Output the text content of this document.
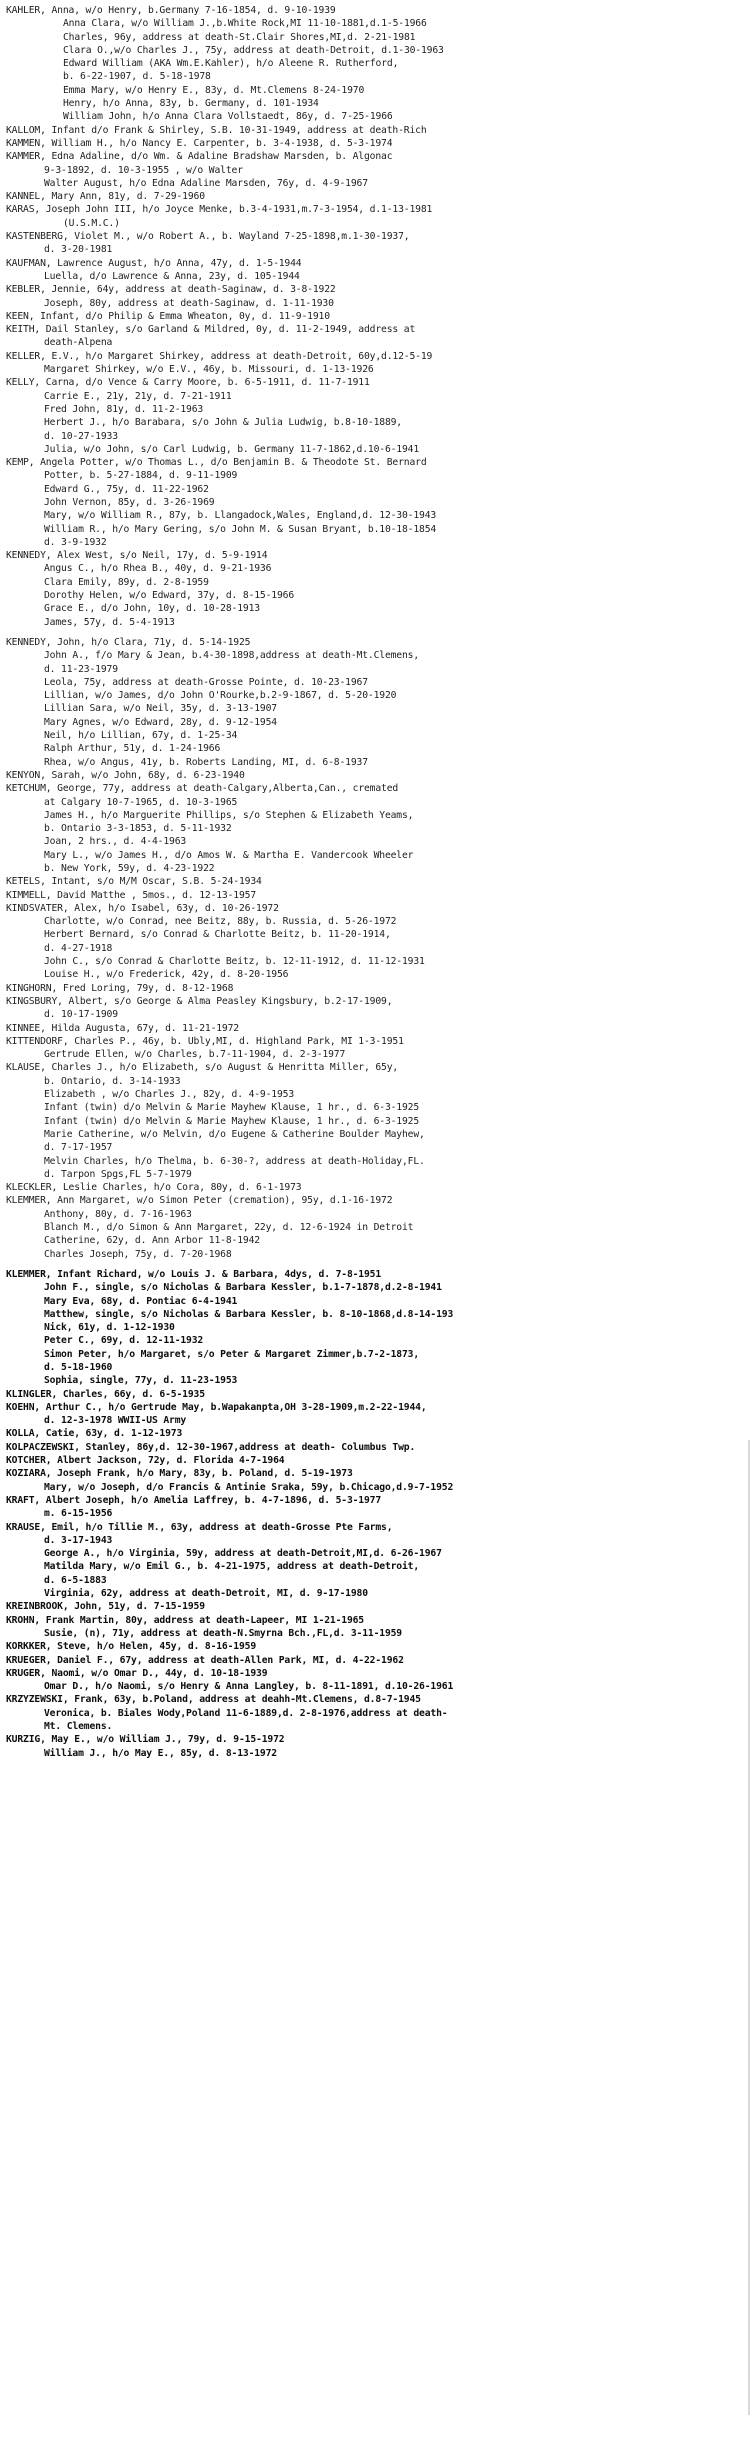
KAHLER, Anna, w/o Henry, b.Germany 7-16-1854, d. 9-10-1939
Anna Clara, w/o William J.,b.White Rock,MI 11-10-1881,d.1-5-1966
Charles, 96y, address at death-St.Clair Shores,MI,d. 2-21-1981
Clara O.,w/o Charles J., 75y, address at death-Detroit, d.1-30-1963
Edward William (AKA Wm.E.Kahler), h/o Aleene R. Rutherford,
b. 6-22-1907, d. 5-18-1978
Emma Mary, w/o Henry E., 83y, d. Mt.Clemens 8-24-1970
Henry, h/o Anna, 83y, b. Germany, d. 101-1934
William John, h/o Anna Clara Vollstaedt, 86y, d. 7-25-1966
KALLOM, Infant d/o Frank & Shirley, S.B. 10-31-1949, address at death-Rich
KAMMEN, William H., h/o Nancy E. Carpenter, b. 3-4-1938, d. 5-3-1974
KAMMER, Edna Adaline, d/o Wm. & Adaline Bradshaw Marsden, b. Algonac
9-3-1892, d. 10-3-1955 , w/o Walter
Walter August, h/o Edna Adaline Marsden, 76y, d. 4-9-1967
KANNEL, Mary Ann, 81y, d. 7-29-1960
KARAS, Joseph John III, h/o Joyce Menke, b.3-4-1931,m.7-3-1954, d.1-13-1981
(U.S.M.C.)
KASTENBERG, Violet M., w/o Robert A., b. Wayland 7-25-1898,m.1-30-1937,
d. 3-20-1981
KAUFMAN, Lawrence August, h/o Anna, 47y, d. 1-5-1944
Luella, d/o Lawrence & Anna, 23y, d. 105-1944
KEBLER, Jennie, 64y, address at death-Saginaw, d. 3-8-1922
Joseph, 80y, address at death-Saginaw, d. 1-11-1930
KEEN, Infant, d/o Philip & Emma Wheaton, 0y, d. 11-9-1910
KEITH, Dail Stanley, s/o Garland & Mildred, 0y, d. 11-2-1949, address at
death-Alpena
KELLER, E.V., h/o Margaret Shirkey, address at death-Detroit, 60y,d.12-5-19
Margaret Shirkey, w/o E.V., 46y, b. Missouri, d. 1-13-1926
KELLY, Carna, d/o Vence & Carry Moore, b. 6-5-1911, d. 11-7-1911
Carrie E., 21y, 21y, d. 7-21-1911
Fred John, 81y, d. 11-2-1963
Herbert J., h/o Barabara, s/o John & Julia Ludwig, b.8-10-1889,
d. 10-27-1933
Julia, w/o John, s/o Carl Ludwig, b. Germany 11-7-1862,d.10-6-1941
KEMP, Angela Potter, w/o Thomas L., d/o Benjamin B. & Theodote St. Bernard
Potter, b. 5-27-1884, d. 9-11-1909
Edward G., 75y, d. 11-22-1962
John Vernon, 85y, d. 3-26-1969
Mary, w/o William R., 87y, b. Llangadock,Wales, England,d. 12-30-1943
William R., h/o Mary Gering, s/o John M. & Susan Bryant, b.10-18-1854
d. 3-9-1932
KENNEDY, Alex West, s/o Neil, 17y, d. 5-9-1914
Angus C., h/o Rhea B., 40y, d. 9-21-1936
Clara Emily, 89y, d. 2-8-1959
Dorothy Helen, w/o Edward, 37y, d. 8-15-1966
Grace E., d/o John, 10y, d. 10-28-1913
James, 57y, d. 5-4-1913
KENNEDY, John, h/o Clara, 71y, d. 5-14-1925
John A., f/o Mary & Jean, b.4-30-1898,address at death-Mt.Clemens,
d. 11-23-1979
Leola, 75y, address at death-Grosse Pointe, d. 10-23-1967
Lillian, w/o James, d/o John O'Rourke,b.2-9-1867, d. 5-20-1920
Lillian Sara, w/o Neil, 35y, d. 3-13-1907
Mary Agnes, w/o Edward, 28y, d. 9-12-1954
Neil, h/o Lillian, 67y, d. 1-25-34
Ralph Arthur, 51y, d. 1-24-1966
Rhea, w/o Angus, 41y, b. Roberts Landing, MI, d. 6-8-1937
KENYON, Sarah, w/o John, 68y, d. 6-23-1940
KETCHUM, George, 77y, address at death-Calgary,Alberta,Can., cremated
at Calgary 10-7-1965, d. 10-3-1965
James H., h/o Marguerite Phillips, s/o Stephen & Elizabeth Yeams,
b. Ontario 3-3-1853, d. 5-11-1932
Joan, 2 hrs., d. 4-4-1963
Mary L., w/o James H., d/o Amos W. & Martha E. Vandercook Wheeler
b. New York, 59y, d. 4-23-1922
KETELS, Intant, s/o M/M Oscar, S.B. 5-24-1934
KIMMELL, David Matthe , 5mos., d. 12-13-1957
KINDSVATER, Alex, h/o Isabel, 63y, d. 10-26-1972
Charlotte, w/o Conrad, nee Beitz, 88y, b. Russia, d. 5-26-1972
Herbert Bernard, s/o Conrad & Charlotte Beitz, b. 11-20-1914,
d. 4-27-1918
John C., s/o Conrad & Charlotte Beitz, b. 12-11-1912, d. 11-12-1931
Louise H., w/o Frederick, 42y, d. 8-20-1956
KINGHORN, Fred Loring, 79y, d. 8-12-1968
KINGSBURY, Albert, s/o George & Alma Peasley Kingsbury, b.2-17-1909,
d. 10-17-1909
KINNEE, Hilda Augusta, 67y, d. 11-21-1972
KITTENDORF, Charles P., 46y, b. Ubly,MI, d. Highland Park, MI 1-3-1951
Gertrude Ellen, w/o Charles, b.7-11-1904, d. 2-3-1977
KLAUSE, Charles J., h/o Elizabeth, s/o August & Henritta Miller, 65y,
b. Ontario, d. 3-14-1933
Elizabeth , w/o Charles J., 82y, d. 4-9-1953
Infant (twin) d/o Melvin & Marie Mayhew Klause, 1 hr., d. 6-3-1925
Infant (twin) d/o Melvin & Marie Mayhew Klause, 1 hr., d. 6-3-1925
Marie Catherine, w/o Melvin, d/o Eugene & Catherine Boulder Mayhew,
d. 7-17-1957
Melvin Charles, h/o Thelma, b. 6-30-?, address at death-Holiday,FL.
d. Tarpon Spgs,FL 5-7-1979
KLECKLER, Leslie Charles, h/o Cora, 80y, d. 6-1-1973
KLEMMER, Ann Margaret, w/o Simon Peter (cremation), 95y, d.1-16-1972
Anthony, 80y, d. 7-16-1963
Blanch M., d/o Simon & Ann Margaret, 22y, d. 12-6-1924 in Detroit
Catherine, 62y, d. Ann Arbor 11-8-1942
Charles Joseph, 75y, d. 7-20-1968
KLEMMER, Infant Richard, w/o Louis J. & Barbara, 4dys, d. 7-8-1951
John F., single, s/o Nicholas & Barbara Kessler, b.1-7-1878,d.2-8-1941
Mary Eva, 68y, d. Pontiac 6-4-1941
Matthew, single, s/o Nicholas & Barbara Kessler, b. 8-10-1868,d.8-14-193
Nick, 61y, d. 1-12-1930
Peter C., 69y, d. 12-11-1932
Simon Peter, h/o Margaret, s/o Peter & Margaret Zimmer,b.7-2-1873,
d. 5-18-1960
Sophia, single, 77y, d. 11-23-1953
KLINGLER, Charles, 66y, d. 6-5-1935
KOEHN, Arthur C., h/o Gertrude May, b.Wapakanpta,OH 3-28-1909,m.2-22-1944,
d. 12-3-1978 WWII-US Army
KOLLA, Catie, 63y, d. 1-12-1973
KOLPACZEWSKI, Stanley, 86y,d. 12-30-1967,address at death- Columbus Twp.
KOTCHER, Albert Jackson, 72y, d. Florida 4-7-1964
KOZIARA, Joseph Frank, h/o Mary, 83y, b. Poland, d. 5-19-1973
Mary, w/o Joseph, d/o Francis & Antinie Sraka, 59y, b.Chicago,d.9-7-1952
KRAFT, Albert Joseph, h/o Amelia Laffrey, b. 4-7-1896, d. 5-3-1977
m. 6-15-1956
KRAUSE, Emil, h/o Tillie M., 63y, address at death-Grosse Pte Farms,
d. 3-17-1943
George A., h/o Virginia, 59y, address at death-Detroit,MI,d. 6-26-1967
Matilda Mary, w/o Emil G., b. 4-21-1975, address at death-Detroit,
d. 6-5-1883
Virginia, 62y, address at death-Detroit, MI, d. 9-17-1980
KREINBROOK, John, 51y, d. 7-15-1959
KROHN, Frank Martin, 80y, address at death-Lapeer, MI 1-21-1965
Susie, (n), 71y, address at death-N.Smyrna Bch.,FL,d. 3-11-1959
KORKKER, Steve, h/o Helen, 45y, d. 8-16-1959
KRUEGER, Daniel F., 67y, address at death-Allen Park, MI, d. 4-22-1962
KRUGER, Naomi, w/o Omar D., 44y, d. 10-18-1939
Omar D., h/o Naomi, s/o Henry & Anna Langley, b. 8-11-1891, d.10-26-1961
KRZYZEWSKI, Frank, 63y, b.Poland, address at deahh-Mt.Clemens, d.8-7-1945
Veronica, b. Biales Wody,Poland 11-6-1889,d. 2-8-1976,address at death-
Mt. Clemens.
KURZIG, May E., w/o William J., 79y, d. 9-15-1972
William J., h/o May E., 85y, d. 8-13-1972
